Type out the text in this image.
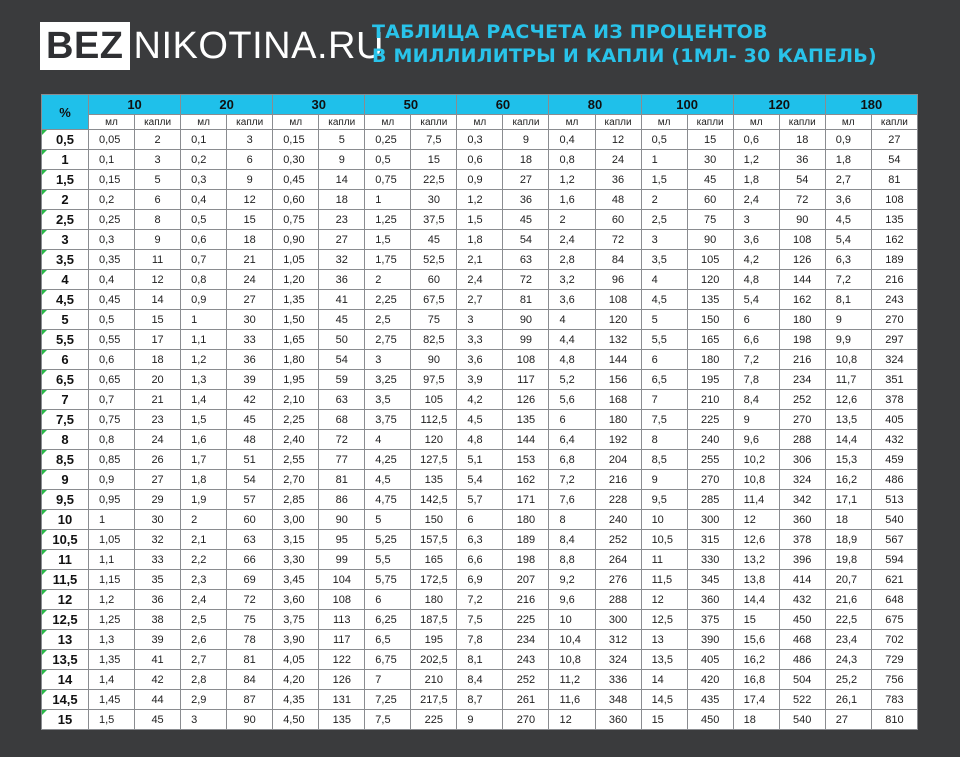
BEZ NIKOTINA.RU
ТАБЛИЦА РАСЧЕТА ИЗ ПРОЦЕНТОВ
В МИЛЛИЛИТРЫ И КАПЛИ (1МЛ- 30 КАПЕЛЬ)
%	10		20		30		50		60		80		100		120		180	
	мл	капли	мл	капли	мл	капли	мл	капли	мл	капли	мл	капли	мл	капли	мл	капли	мл	капли
0,5	0,05	2	0,1	3	0,15	5	0,25	7,5	0,3	9	0,4	12	0,5	15	0,6	18	0,9	27
1	0,1	3	0,2	6	0,30	9	0,5	15	0,6	18	0,8	24	1	30	1,2	36	1,8	54
1,5	0,15	5	0,3	9	0,45	14	0,75	22,5	0,9	27	1,2	36	1,5	45	1,8	54	2,7	81
2	0,2	6	0,4	12	0,60	18	1	30	1,2	36	1,6	48	2	60	2,4	72	3,6	108
2,5	0,25	8	0,5	15	0,75	23	1,25	37,5	1,5	45	2	60	2,5	75	3	90	4,5	135
3	0,3	9	0,6	18	0,90	27	1,5	45	1,8	54	2,4	72	3	90	3,6	108	5,4	162
3,5	0,35	11	0,7	21	1,05	32	1,75	52,5	2,1	63	2,8	84	3,5	105	4,2	126	6,3	189
4	0,4	12	0,8	24	1,20	36	2	60	2,4	72	3,2	96	4	120	4,8	144	7,2	216
4,5	0,45	14	0,9	27	1,35	41	2,25	67,5	2,7	81	3,6	108	4,5	135	5,4	162	8,1	243
5	0,5	15	1	30	1,50	45	2,5	75	3	90	4	120	5	150	6	180	9	270
5,5	0,55	17	1,1	33	1,65	50	2,75	82,5	3,3	99	4,4	132	5,5	165	6,6	198	9,9	297
6	0,6	18	1,2	36	1,80	54	3	90	3,6	108	4,8	144	6	180	7,2	216	10,8	324
6,5	0,65	20	1,3	39	1,95	59	3,25	97,5	3,9	117	5,2	156	6,5	195	7,8	234	11,7	351
7	0,7	21	1,4	42	2,10	63	3,5	105	4,2	126	5,6	168	7	210	8,4	252	12,6	378
7,5	0,75	23	1,5	45	2,25	68	3,75	112,5	4,5	135	6	180	7,5	225	9	270	13,5	405
8	0,8	24	1,6	48	2,40	72	4	120	4,8	144	6,4	192	8	240	9,6	288	14,4	432
8,5	0,85	26	1,7	51	2,55	77	4,25	127,5	5,1	153	6,8	204	8,5	255	10,2	306	15,3	459
9	0,9	27	1,8	54	2,70	81	4,5	135	5,4	162	7,2	216	9	270	10,8	324	16,2	486
9,5	0,95	29	1,9	57	2,85	86	4,75	142,5	5,7	171	7,6	228	9,5	285	11,4	342	17,1	513
10	1	30	2	60	3,00	90	5	150	6	180	8	240	10	300	12	360	18	540
10,5	1,05	32	2,1	63	3,15	95	5,25	157,5	6,3	189	8,4	252	10,5	315	12,6	378	18,9	567
11	1,1	33	2,2	66	3,30	99	5,5	165	6,6	198	8,8	264	11	330	13,2	396	19,8	594
11,5	1,15	35	2,3	69	3,45	104	5,75	172,5	6,9	207	9,2	276	11,5	345	13,8	414	20,7	621
12	1,2	36	2,4	72	3,60	108	6	180	7,2	216	9,6	288	12	360	14,4	432	21,6	648
12,5	1,25	38	2,5	75	3,75	113	6,25	187,5	7,5	225	10	300	12,5	375	15	450	22,5	675
13	1,3	39	2,6	78	3,90	117	6,5	195	7,8	234	10,4	312	13	390	15,6	468	23,4	702
13,5	1,35	41	2,7	81	4,05	122	6,75	202,5	8,1	243	10,8	324	13,5	405	16,2	486	24,3	729
14	1,4	42	2,8	84	4,20	126	7	210	8,4	252	11,2	336	14	420	16,8	504	25,2	756
14,5	1,45	44	2,9	87	4,35	131	7,25	217,5	8,7	261	11,6	348	14,5	435	17,4	522	26,1	783
15	1,5	45	3	90	4,50	135	7,5	225	9	270	12	360	15	450	18	540	27	810
